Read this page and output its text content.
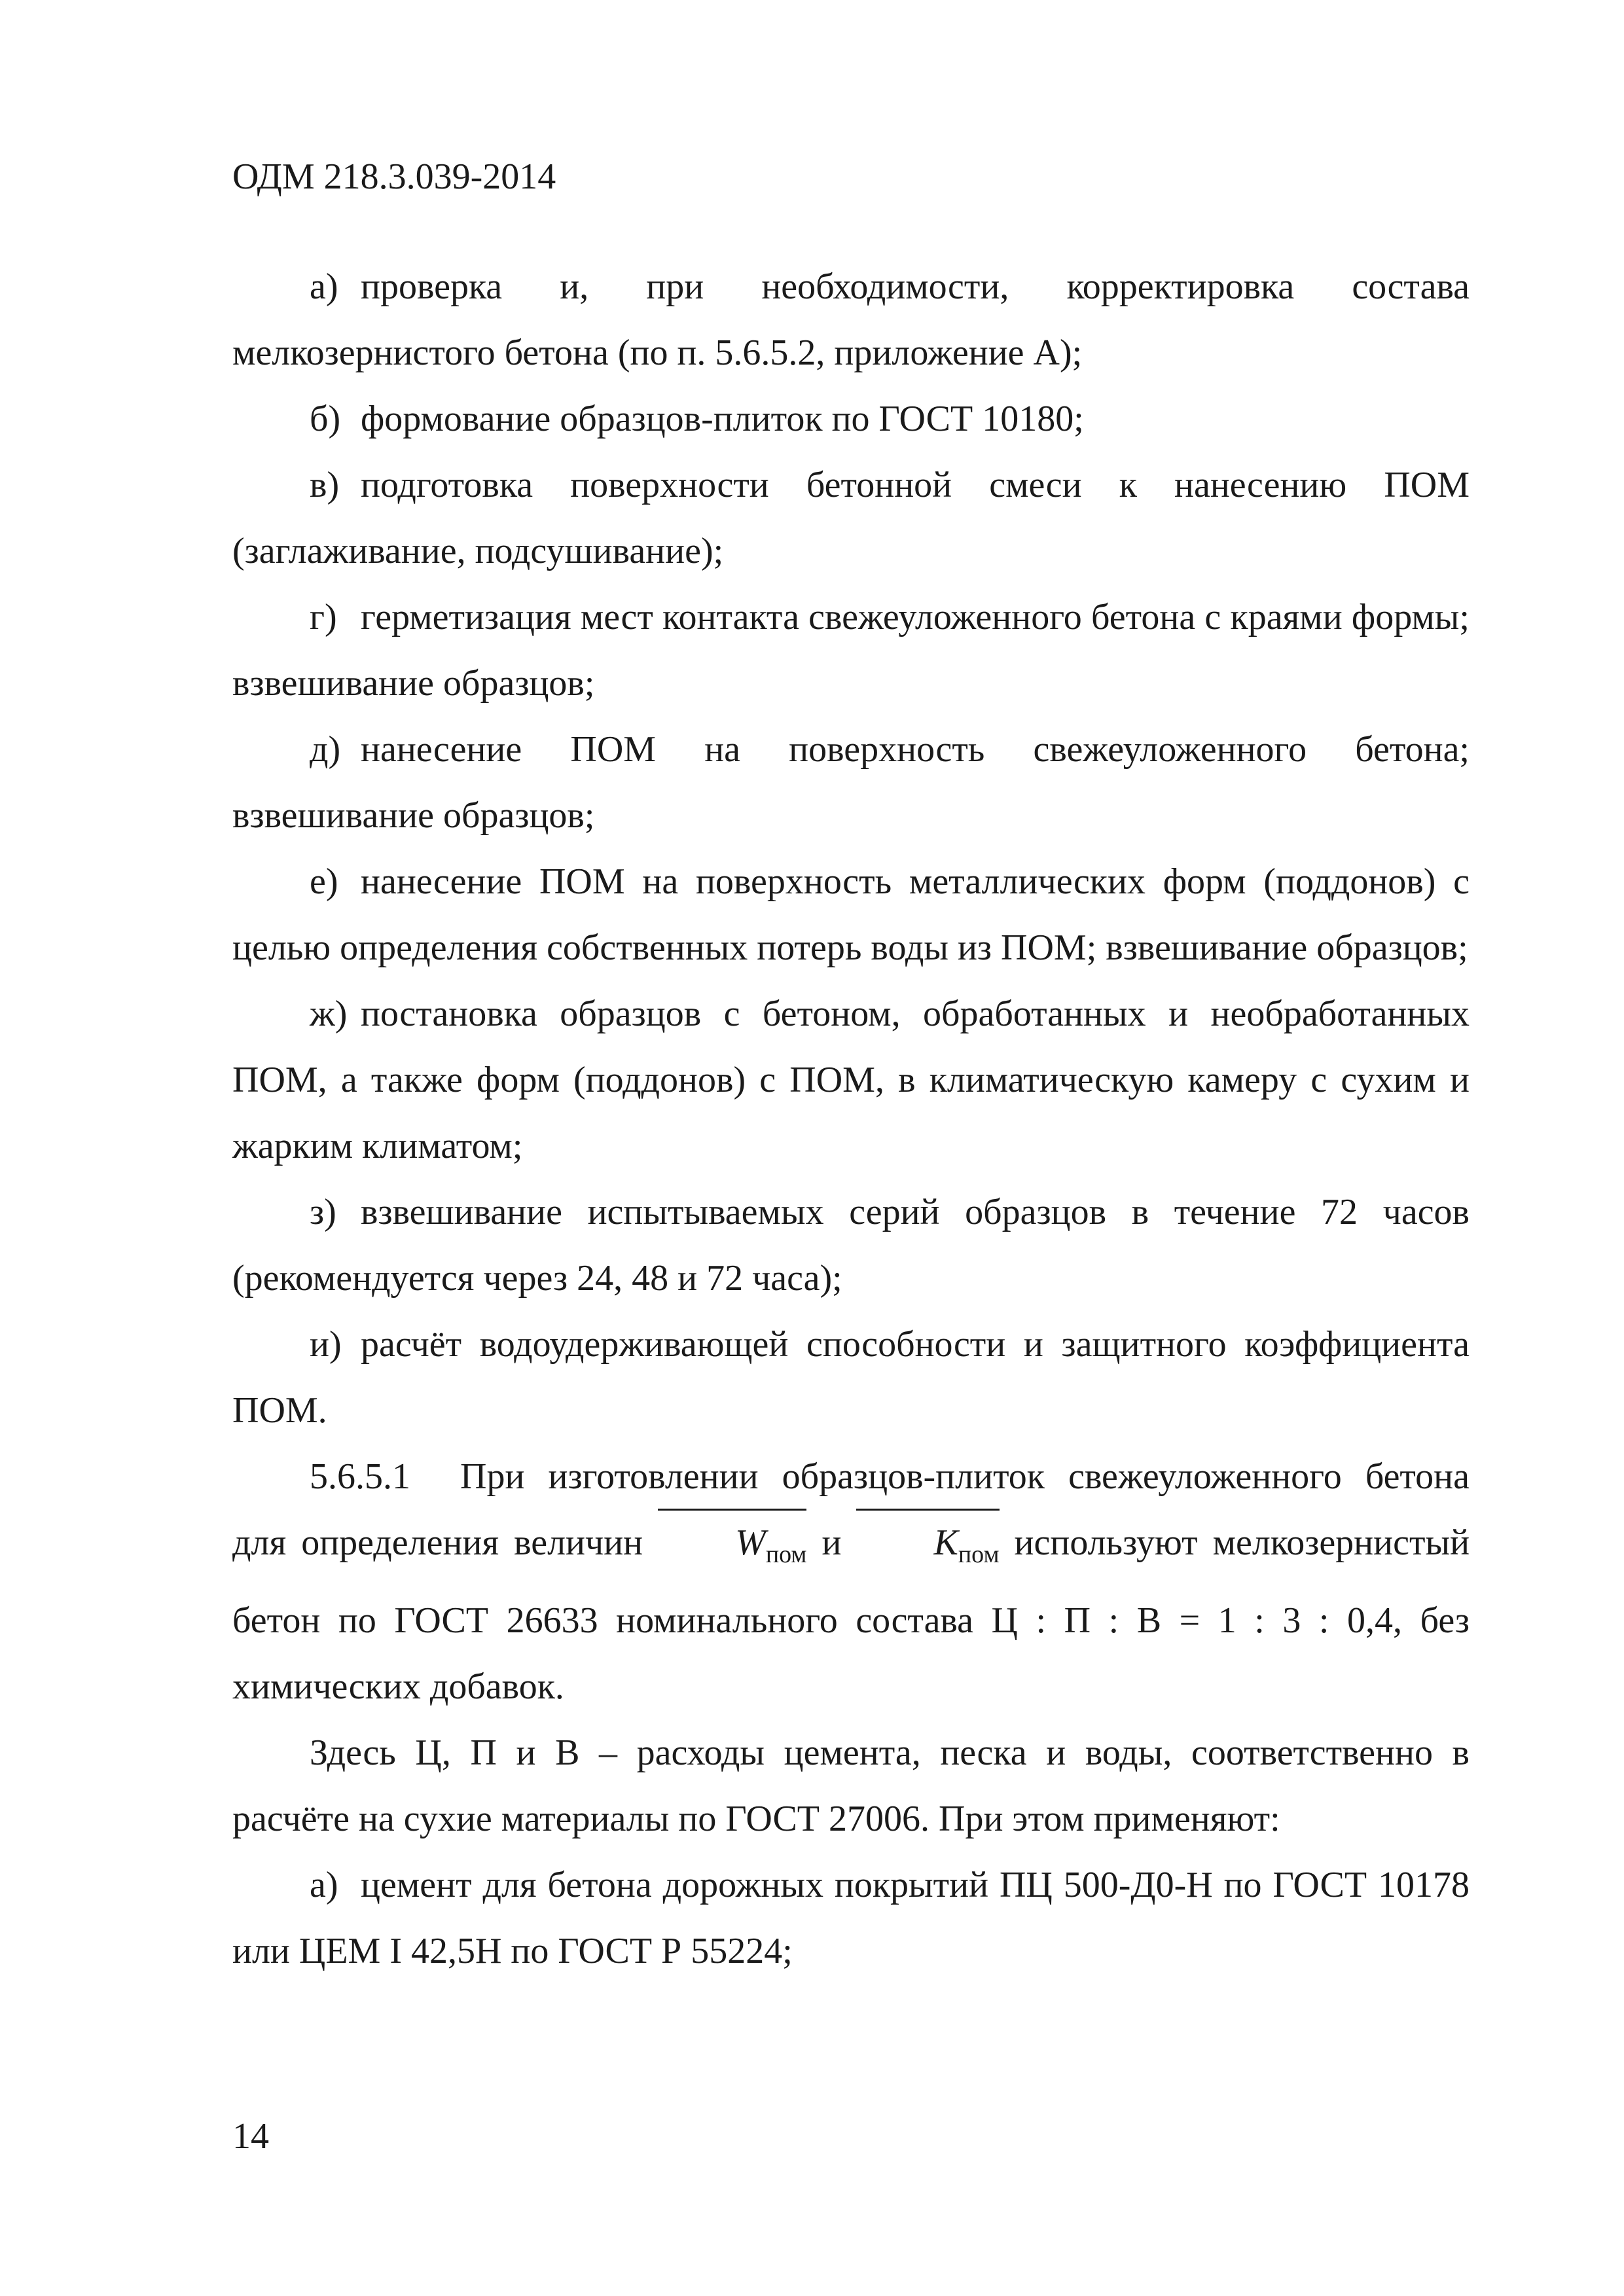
ОДМ 218.3.039-2014

а) проверка и, при необходимости, корректировка состава мелкозернистого бетона (по п. 5.6.5.2, приложение А);

б) формование образцов-плиток по ГОСТ 10180;

в) подготовка поверхности бетонной смеси к нанесению ПОМ (заглаживание, подсушивание);

г) герметизация мест контакта свежеуложенного бетона с краями формы; взвешивание образцов;

д) нанесение ПОМ на поверхность свежеуложенного бетона; взвешивание образцов;

е) нанесение ПОМ на поверхность металлических форм (поддонов) с целью определения собственных потерь воды из ПОМ; взвешивание образцов;

ж) постановка образцов с бетоном, обработанных и необработанных ПОМ, а также форм (поддонов) с ПОМ, в климатическую камеру с сухим и жарким климатом;

з) взвешивание испытываемых серий образцов в течение 72 часов (рекомендуется через 24, 48 и 72 часа);

и) расчёт водоудерживающей способности и защитного коэффициента ПОМ.

5.6.5.1 При изготовлении образцов-плиток свежеуложенного бетона для определения величин	$W_{пом}$ и	$K_{пом}$ используют мелкозернистый бетон по ГОСТ 26633 номинального состава Ц : П : В = 1 : 3 : 0,4, без химических добавок.

Здесь Ц, П и В – расходы цемента, песка и воды, соответственно в расчёте на сухие материалы по ГОСТ 27006. При этом применяют:

а) цемент для бетона дорожных покрытий ПЦ 500-Д0-Н по ГОСТ 10178 или ЦЕМ I 42,5Н по ГОСТ Р 55224;

14
